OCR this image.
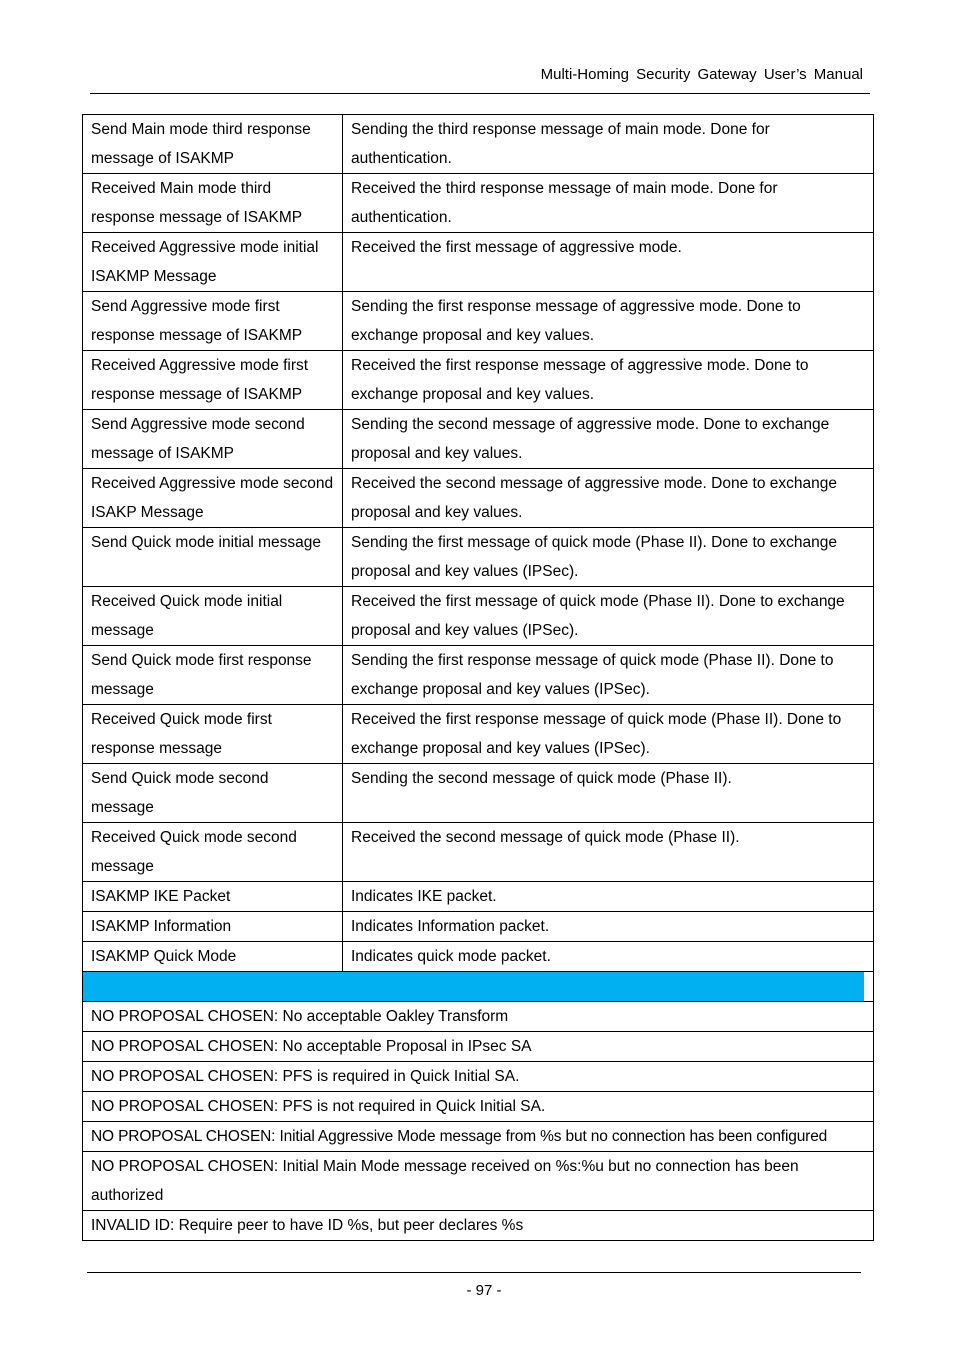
Multi-Homing Security Gateway User’s Manual
Send Main mode third response message of ISAKMP	Sending the third response message of main mode. Done for authentication.
Received Main mode third response message of ISAKMP	Received the third response message of main mode. Done for authentication.
Received Aggressive mode initial ISAKMP Message	Received the first message of aggressive mode.
Send Aggressive mode first response message of ISAKMP	Sending the first response message of aggressive mode. Done to exchange proposal and key values.
Received Aggressive mode first response message of ISAKMP	Received the first response message of aggressive mode. Done to exchange proposal and key values.
Send Aggressive mode second message of ISAKMP	Sending the second message of aggressive mode. Done to exchange proposal and key values.
Received Aggressive mode second ISAKP Message	Received the second message of aggressive mode. Done to exchange proposal and key values.
Send Quick mode initial message	Sending the first message of quick mode (Phase II). Done to exchange proposal and key values (IPSec).
Received Quick mode initial message	Received the first message of quick mode (Phase II). Done to exchange proposal and key values (IPSec).
Send Quick mode first response message	Sending the first response message of quick mode (Phase II). Done to exchange proposal and key values (IPSec).
Received Quick mode first response message	Received the first response message of quick mode (Phase II). Done to exchange proposal and key values (IPSec).
Send Quick mode second message	Sending the second message of quick mode (Phase II).
Received Quick mode second message	Received the second message of quick mode (Phase II).
ISAKMP IKE Packet	Indicates IKE packet.
ISAKMP Information	Indicates Information packet.
ISAKMP Quick Mode	Indicates quick mode packet.

NO PROPOSAL CHOSEN: No acceptable Oakley Transform	
NO PROPOSAL CHOSEN: No acceptable Proposal in IPsec SA	
NO PROPOSAL CHOSEN: PFS is required in Quick Initial SA.	
NO PROPOSAL CHOSEN: PFS is not required in Quick Initial SA.	
NO PROPOSAL CHOSEN: Initial Aggressive Mode message from %s but no connection has been configured	
NO PROPOSAL CHOSEN: Initial Main Mode message received on %s:%u but no connection has been authorized	
INVALID ID: Require peer to have ID %s, but peer declares %s	
- 97 -
